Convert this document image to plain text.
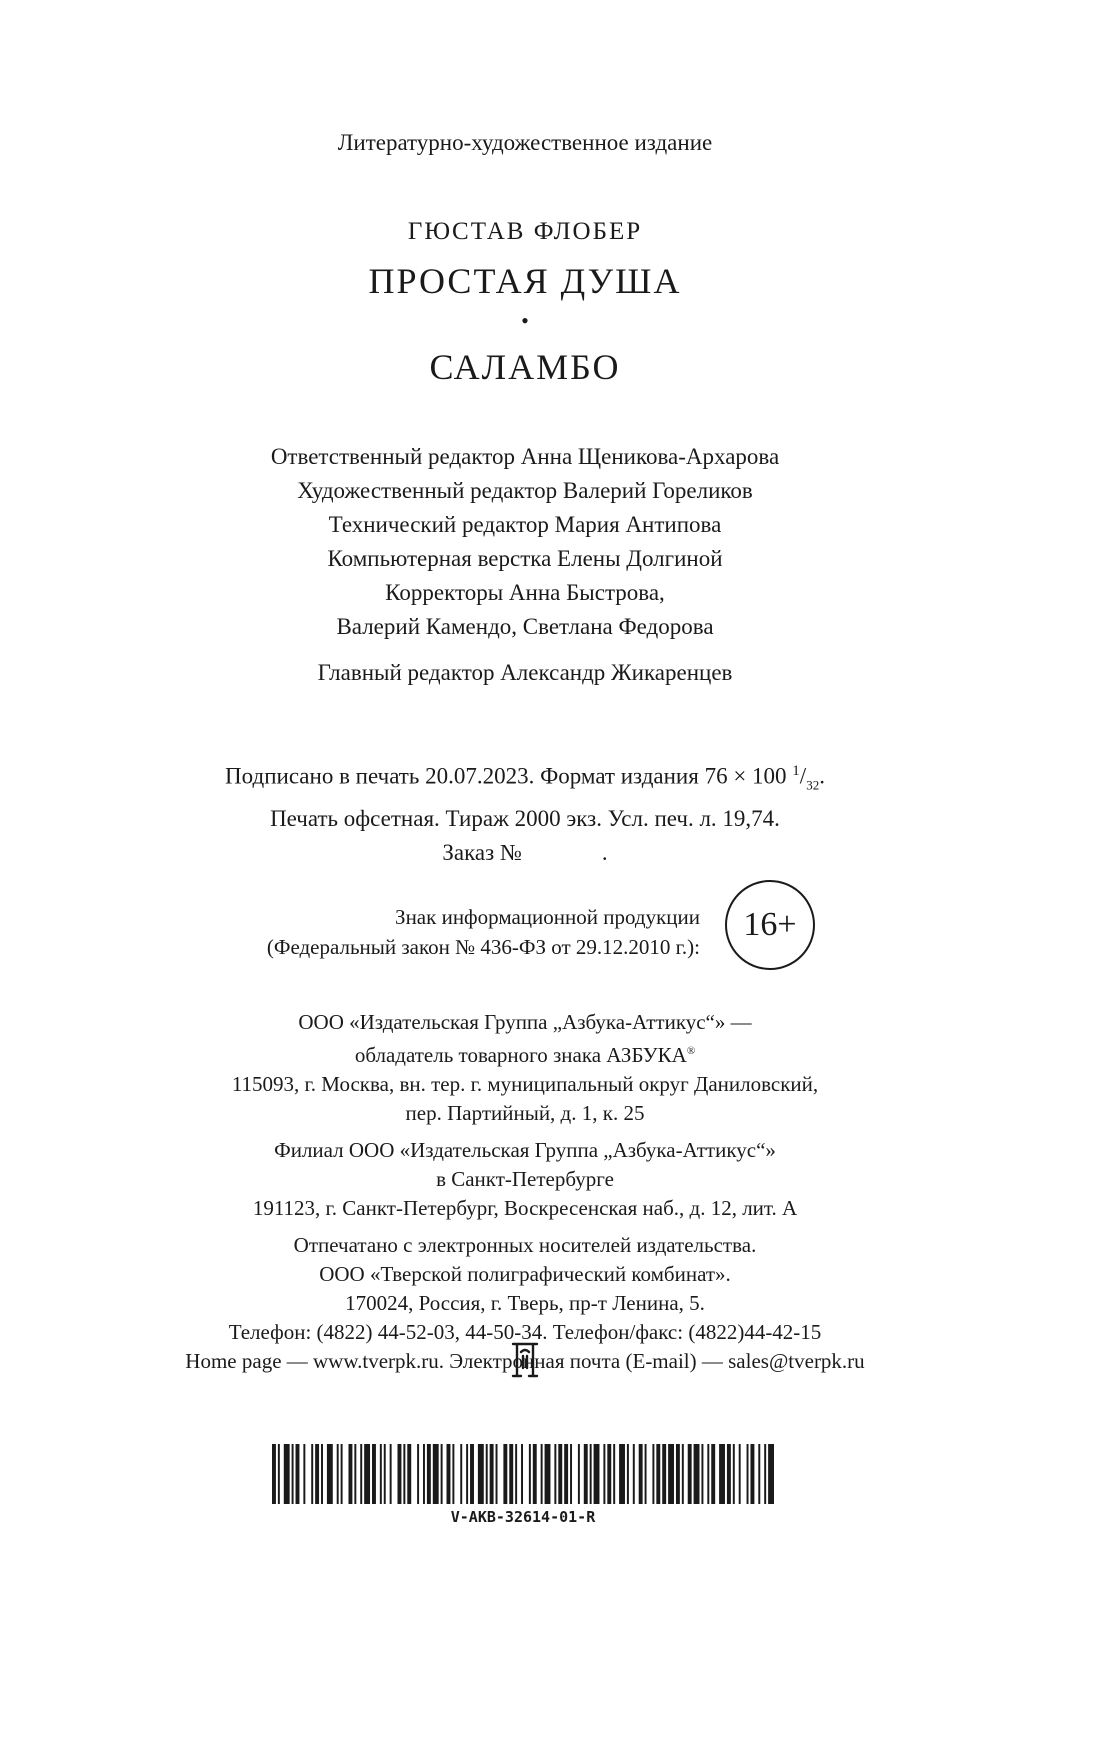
Литературно-художественное издание
ГЮСТАВ ФЛОБЕР
ПРОСТАЯ ДУША
•
САЛАМБО
Ответственный редактор Анна Щеникова-Архарова
Художественный редактор Валерий Гореликов
Технический редактор Мария Антипова
Компьютерная верстка Елены Долгиной
Корректоры Анна Быстрова,
Валерий Камендо, Светлана Федорова
Главный редактор Александр Жикаренцев
Подписано в печать 20.07.2023. Формат издания 76 × 100 $^1/_{32}$.
Печать офсетная. Тираж 2000 экз. Усл. печ. л. 19,74.
Заказ №	.
Знак информационной продукции
(Федеральный закон № 436-ФЗ от 29.12.2010 г.):
16+
ООО «Издательская Группа „Азбука-Аттикус“» —
обладатель товарного знака АЗБУКА®
115093, г. Москва, вн. тер. г. муниципальный округ Даниловский,
пер. Партийный, д. 1, к. 25
Филиал ООО «Издательская Группа „Азбука-Аттикус“»
в Санкт-Петербурге
191123, г. Санкт-Петербург, Воскресенская наб., д. 12, лит. А
Отпечатано с электронных носителей издательства.
ООО «Тверской полиграфический комбинат».
170024, Россия, г. Тверь, пр-т Ленина, 5.
Телефон: (4822) 44-52-03, 44-50-34. Телефон/факс: (4822)44-42-15
Home page — www.tverpk.ru. Электронная почта (E-mail) — sales@tverpk.ru
V-AKB-32614-01-R
